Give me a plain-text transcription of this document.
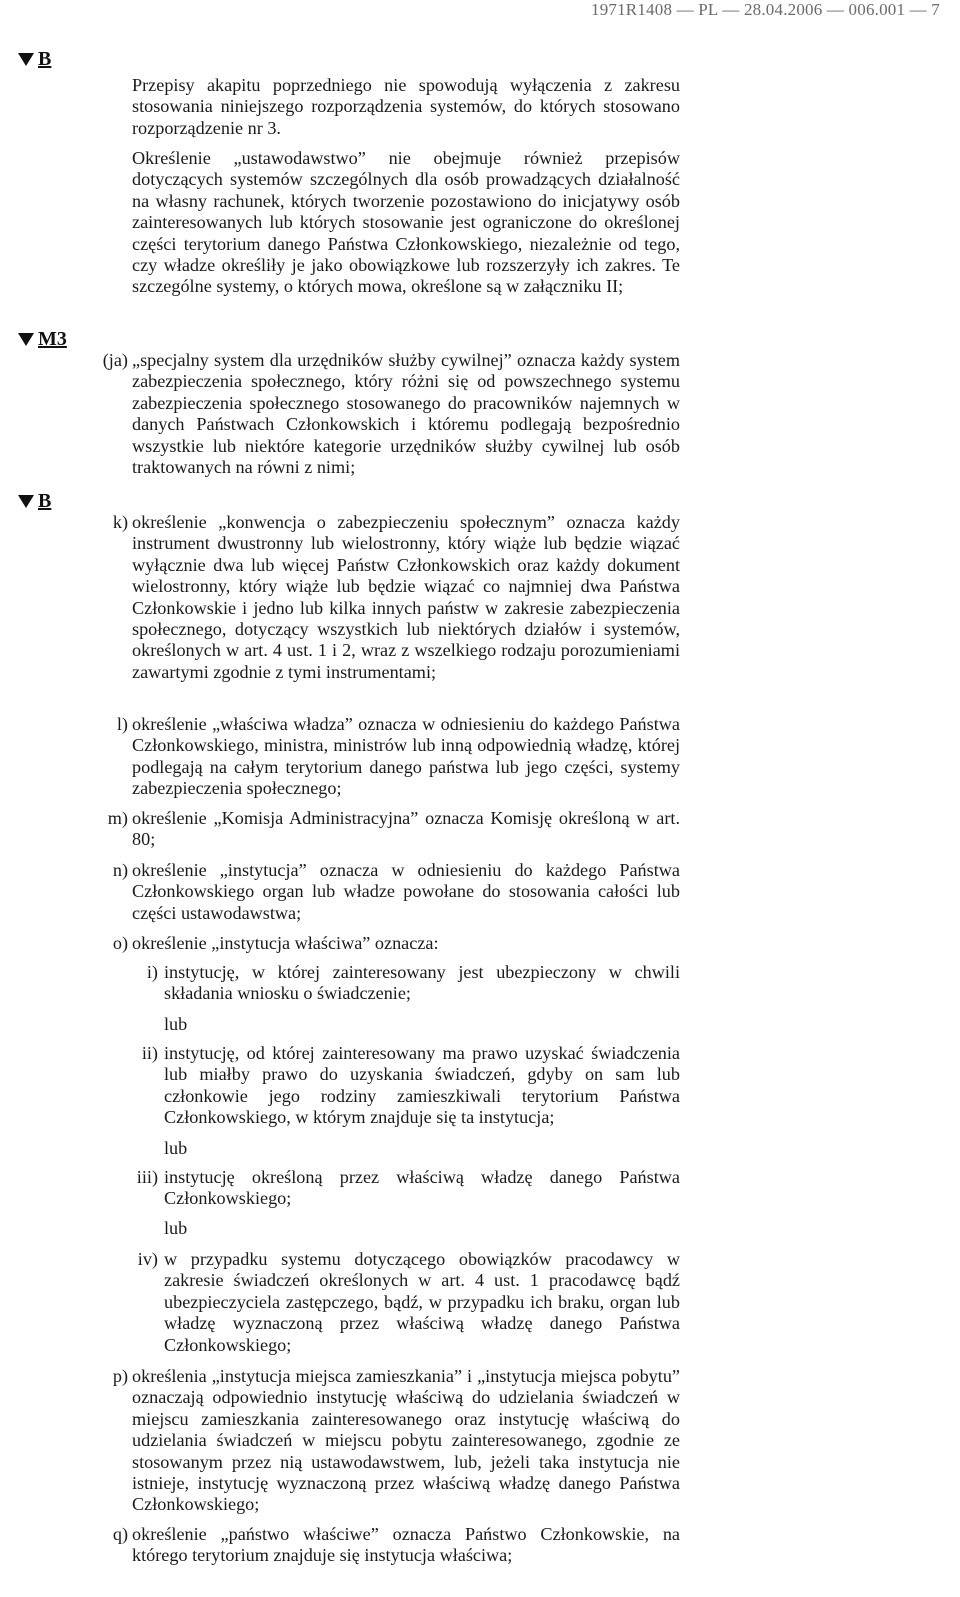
1971R1408 — PL — 28.04.2006 — 006.001 — 7
B
M3
B
Przepisy akapitu poprzedniego nie spowodują wyłączenia z zakresu stosowania niniejszego rozporządzenia systemów, do których stosowano rozporządzenie nr 3.
Określenie „ustawodawstwo” nie obejmuje również przepisów dotyczących systemów szczególnych dla osób prowadzących działalność na własny rachunek, których tworzenie pozostawiono do inicjatywy osób zainteresowanych lub których stosowanie jest ograniczone do określonej części terytorium danego Państwa Członkowskiego, niezależnie od tego, czy władze określiły je jako obowiązkowe lub rozszerzyły ich zakres. Te szczególne systemy, o których mowa, określone są w załączniku II;
(ja) „specjalny system dla urzędników służby cywilnej” oznacza każdy system zabezpieczenia społecznego, który różni się od powszechnego systemu zabezpieczenia społecznego stosowanego do pracowników najemnych w danych Państwach Członkowskich i któremu podlegają bezpośrednio wszystkie lub niektóre kategorie urzędników służby cywilnej lub osób traktowanych na równi z nimi;
k) określenie „konwencja o zabezpieczeniu społecznym” oznacza każdy instrument dwustronny lub wielostronny, który wiąże lub będzie wiązać wyłącznie dwa lub więcej Państw Członkowskich oraz każdy dokument wielostronny, który wiąże lub będzie wiązać co najmniej dwa Państwa Członkowskie i jedno lub kilka innych państw w zakresie zabezpieczenia społecznego, dotyczący wszystkich lub niektórych działów i systemów, określonych w art. 4 ust. 1 i 2, wraz z wszelkiego rodzaju porozumieniami zawartymi zgodnie z tymi instrumentami;
l) określenie „właściwa władza” oznacza w odniesieniu do każdego Państwa Członkowskiego, ministra, ministrów lub inną odpowiednią władzę, której podlegają na całym terytorium danego państwa lub jego części, systemy zabezpieczenia społecznego;
m) określenie „Komisja Administracyjna” oznacza Komisję określoną w art. 80;
n) określenie „instytucja” oznacza w odniesieniu do każdego Państwa Członkowskiego organ lub władze powołane do stosowania całości lub części ustawodawstwa;
o) określenie „instytucja właściwa” oznacza:
i) instytucję, w której zainteresowany jest ubezpieczony w chwili składania wniosku o świadczenie;
lub
ii) instytucję, od której zainteresowany ma prawo uzyskać świadczenia lub miałby prawo do uzyskania świadczeń, gdyby on sam lub członkowie jego rodziny zamieszkiwali terytorium Państwa Członkowskiego, w którym znajduje się ta instytucja;
lub
iii) instytucję określoną przez właściwą władzę danego Państwa Członkowskiego;
lub
iv) w przypadku systemu dotyczącego obowiązków pracodawcy w zakresie świadczeń określonych w art. 4 ust. 1 pracodawcę bądź ubezpieczyciela zastępczego, bądź, w przypadku ich braku, organ lub władzę wyznaczoną przez właściwą władzę danego Państwa Członkowskiego;
p) określenia „instytucja miejsca zamieszkania” i „instytucja miejsca pobytu” oznaczają odpowiednio instytucję właściwą do udzielania świadczeń w miejscu zamieszkania zainteresowanego oraz instytucję właściwą do udzielania świadczeń w miejscu pobytu zainteresowanego, zgodnie ze stosowanym przez nią ustawodawstwem, lub, jeżeli taka instytucja nie istnieje, instytucję wyznaczoną przez właściwą władzę danego Państwa Członkowskiego;
q) określenie „państwo właściwe” oznacza Państwo Członkowskie, na którego terytorium znajduje się instytucja właściwa;
